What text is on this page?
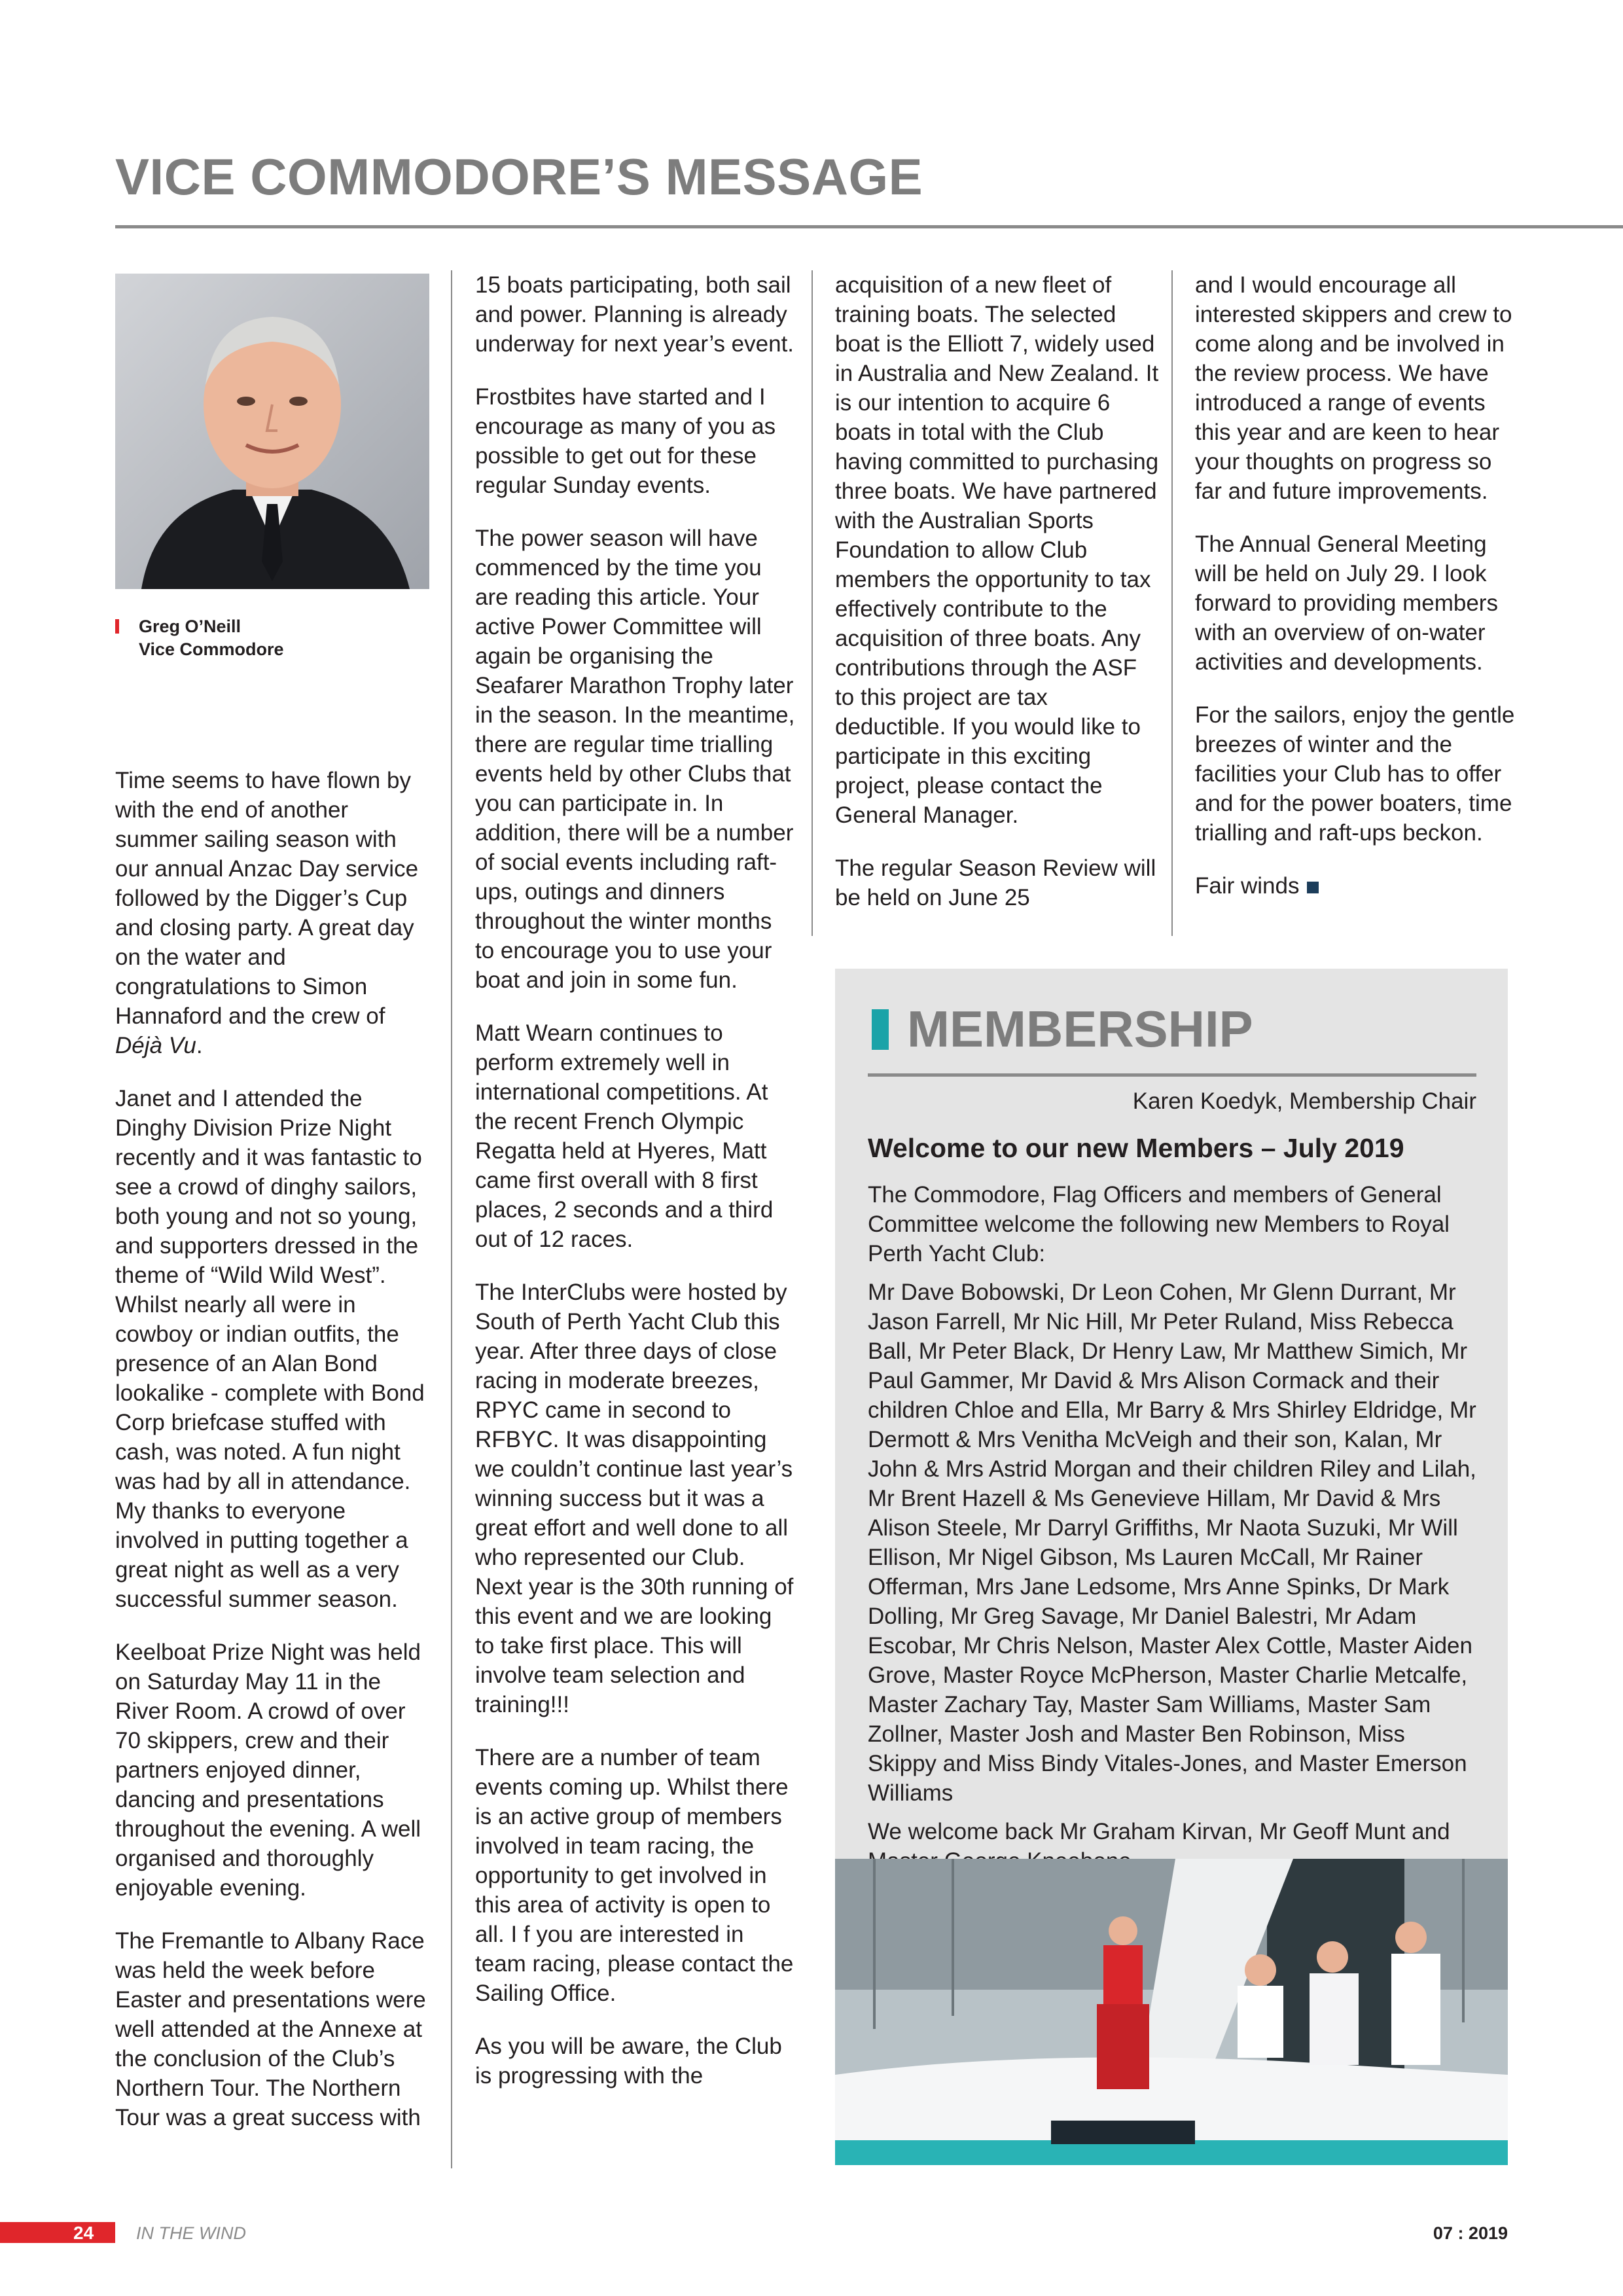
VICE COMMODORE’S MESSAGE
Greg O’Neill
Vice Commodore

Time seems to have flown by with the end of another summer sailing season with our annual Anzac Day service followed by the Digger’s Cup and closing party. A great day on the water and congratulations to Simon Hannaford and the crew of Déjà Vu.

Janet and I attended the Dinghy Division Prize Night recently and it was fantastic to see a crowd of dinghy sailors, both young and not so young, and supporters dressed in the theme of “Wild Wild West”. Whilst nearly all were in cowboy or indian outfits, the presence of an Alan Bond lookalike - complete with Bond Corp briefcase stuffed with cash, was noted. A fun night was had by all in attendance. My thanks to everyone involved in putting together a great night as well as a very successful summer season.

Keelboat Prize Night was held on Saturday May 11 in the River Room. A crowd of over 70 skippers, crew and their partners enjoyed dinner, dancing and presentations throughout the evening. A well organised and thoroughly enjoyable evening.

The Fremantle to Albany Race was held the week before Easter and presentations were well attended at the Annexe at the conclusion of the Club’s Northern Tour. The Northern Tour was a great success with

15 boats participating, both sail and power. Planning is already underway for next year’s event.

Frostbites have started and I encourage as many of you as possible to get out for these regular Sunday events.

The power season will have commenced by the time you are reading this article. Your active Power Committee will again be organising the Seafarer Marathon Trophy later in the season. In the meantime, there are regular time trialling events held by other Clubs that you can participate in. In addition, there will be a number of social events including raft-ups, outings and dinners throughout the winter months to encourage you to use your boat and join in some fun.

Matt Wearn continues to perform extremely well in international competitions. At the recent French Olympic Regatta held at Hyeres, Matt came first overall with 8 first places, 2 seconds and a third out of 12 races.

The InterClubs were hosted by South of Perth Yacht Club this year. After three days of close racing in moderate breezes, RPYC came in second to RFBYC. It was disappointing we couldn’t continue last year’s winning success but it was a great effort and well done to all who represented our Club. Next year is the 30th running of this event and we are looking to take first place. This will involve team selection and training!!!

There are a number of team events coming up. Whilst there is an active group of members involved in team racing, the opportunity to get involved in this area of activity is open to all. I f you are interested in team racing, please contact the Sailing Office.

As you will be aware, the Club is progressing with the

acquisition of a new fleet of training boats. The selected boat is the Elliott 7, widely used in Australia and New Zealand. It is our intention to acquire 6 boats in total with the Club having committed to purchasing three boats. We have partnered with the Australian Sports Foundation to allow Club members the opportunity to tax effectively contribute to the acquisition of three boats. Any contributions through the ASF to this project are tax deductible. If you would like to participate in this exciting project, please contact the General Manager.

The regular Season Review will be held on June 25

and I would encourage all interested skippers and crew to come along and be involved in the review process. We have introduced a range of events this year and are keen to hear your thoughts on progress so far and future improvements.

The Annual General Meeting will be held on July 29. I look forward to providing members with an overview of on-water activities and developments.

For the sailors, enjoy the gentle breezes of winter and the facilities your Club has to offer and for the power boaters, time trialling and raft-ups beckon.

Fair winds

MEMBERSHIP
Karen Koedyk, Membership Chair
Welcome to our new Members – July 2019

The Commodore, Flag Officers and members of General Committee welcome the following new Members to Royal Perth Yacht Club:

Mr Dave Bobowski, Dr Leon Cohen, Mr Glenn Durrant, Mr Jason Farrell, Mr Nic Hill, Mr Peter Ruland, Miss Rebecca Ball, Mr Peter Black, Dr Henry Law, Mr Matthew Simich, Mr Paul Gammer, Mr David & Mrs Alison Cormack and their children Chloe and Ella, Mr Barry & Mrs Shirley Eldridge, Mr Dermott & Mrs Venitha McVeigh and their son, Kalan, Mr John & Mrs Astrid Morgan and their children Riley and Lilah, Mr Brent Hazell & Ms Genevieve Hillam, Mr David & Mrs Alison Steele, Mr Darryl Griffiths, Mr Naota Suzuki, Mr Will Ellison, Mr Nigel Gibson, Ms Lauren McCall, Mr Rainer Offerman, Mrs Jane Ledsome, Mrs Anne Spinks, Dr Mark Dolling, Mr Greg Savage, Mr Daniel Balestri, Mr Adam Escobar, Mr Chris Nelson, Master Alex Cottle, Master Aiden Grove, Master Royce McPherson, Master Charlie Metcalfe, Master Zachary Tay, Master Sam Williams, Master Sam Zollner, Master Josh and Master Ben Robinson, Miss Skippy and Miss Bindy Vitales-Jones, and Master Emerson Williams

We welcome back Mr Graham Kirvan, Mr Geoff Munt and

24 IN THE WIND	07 : 2019
